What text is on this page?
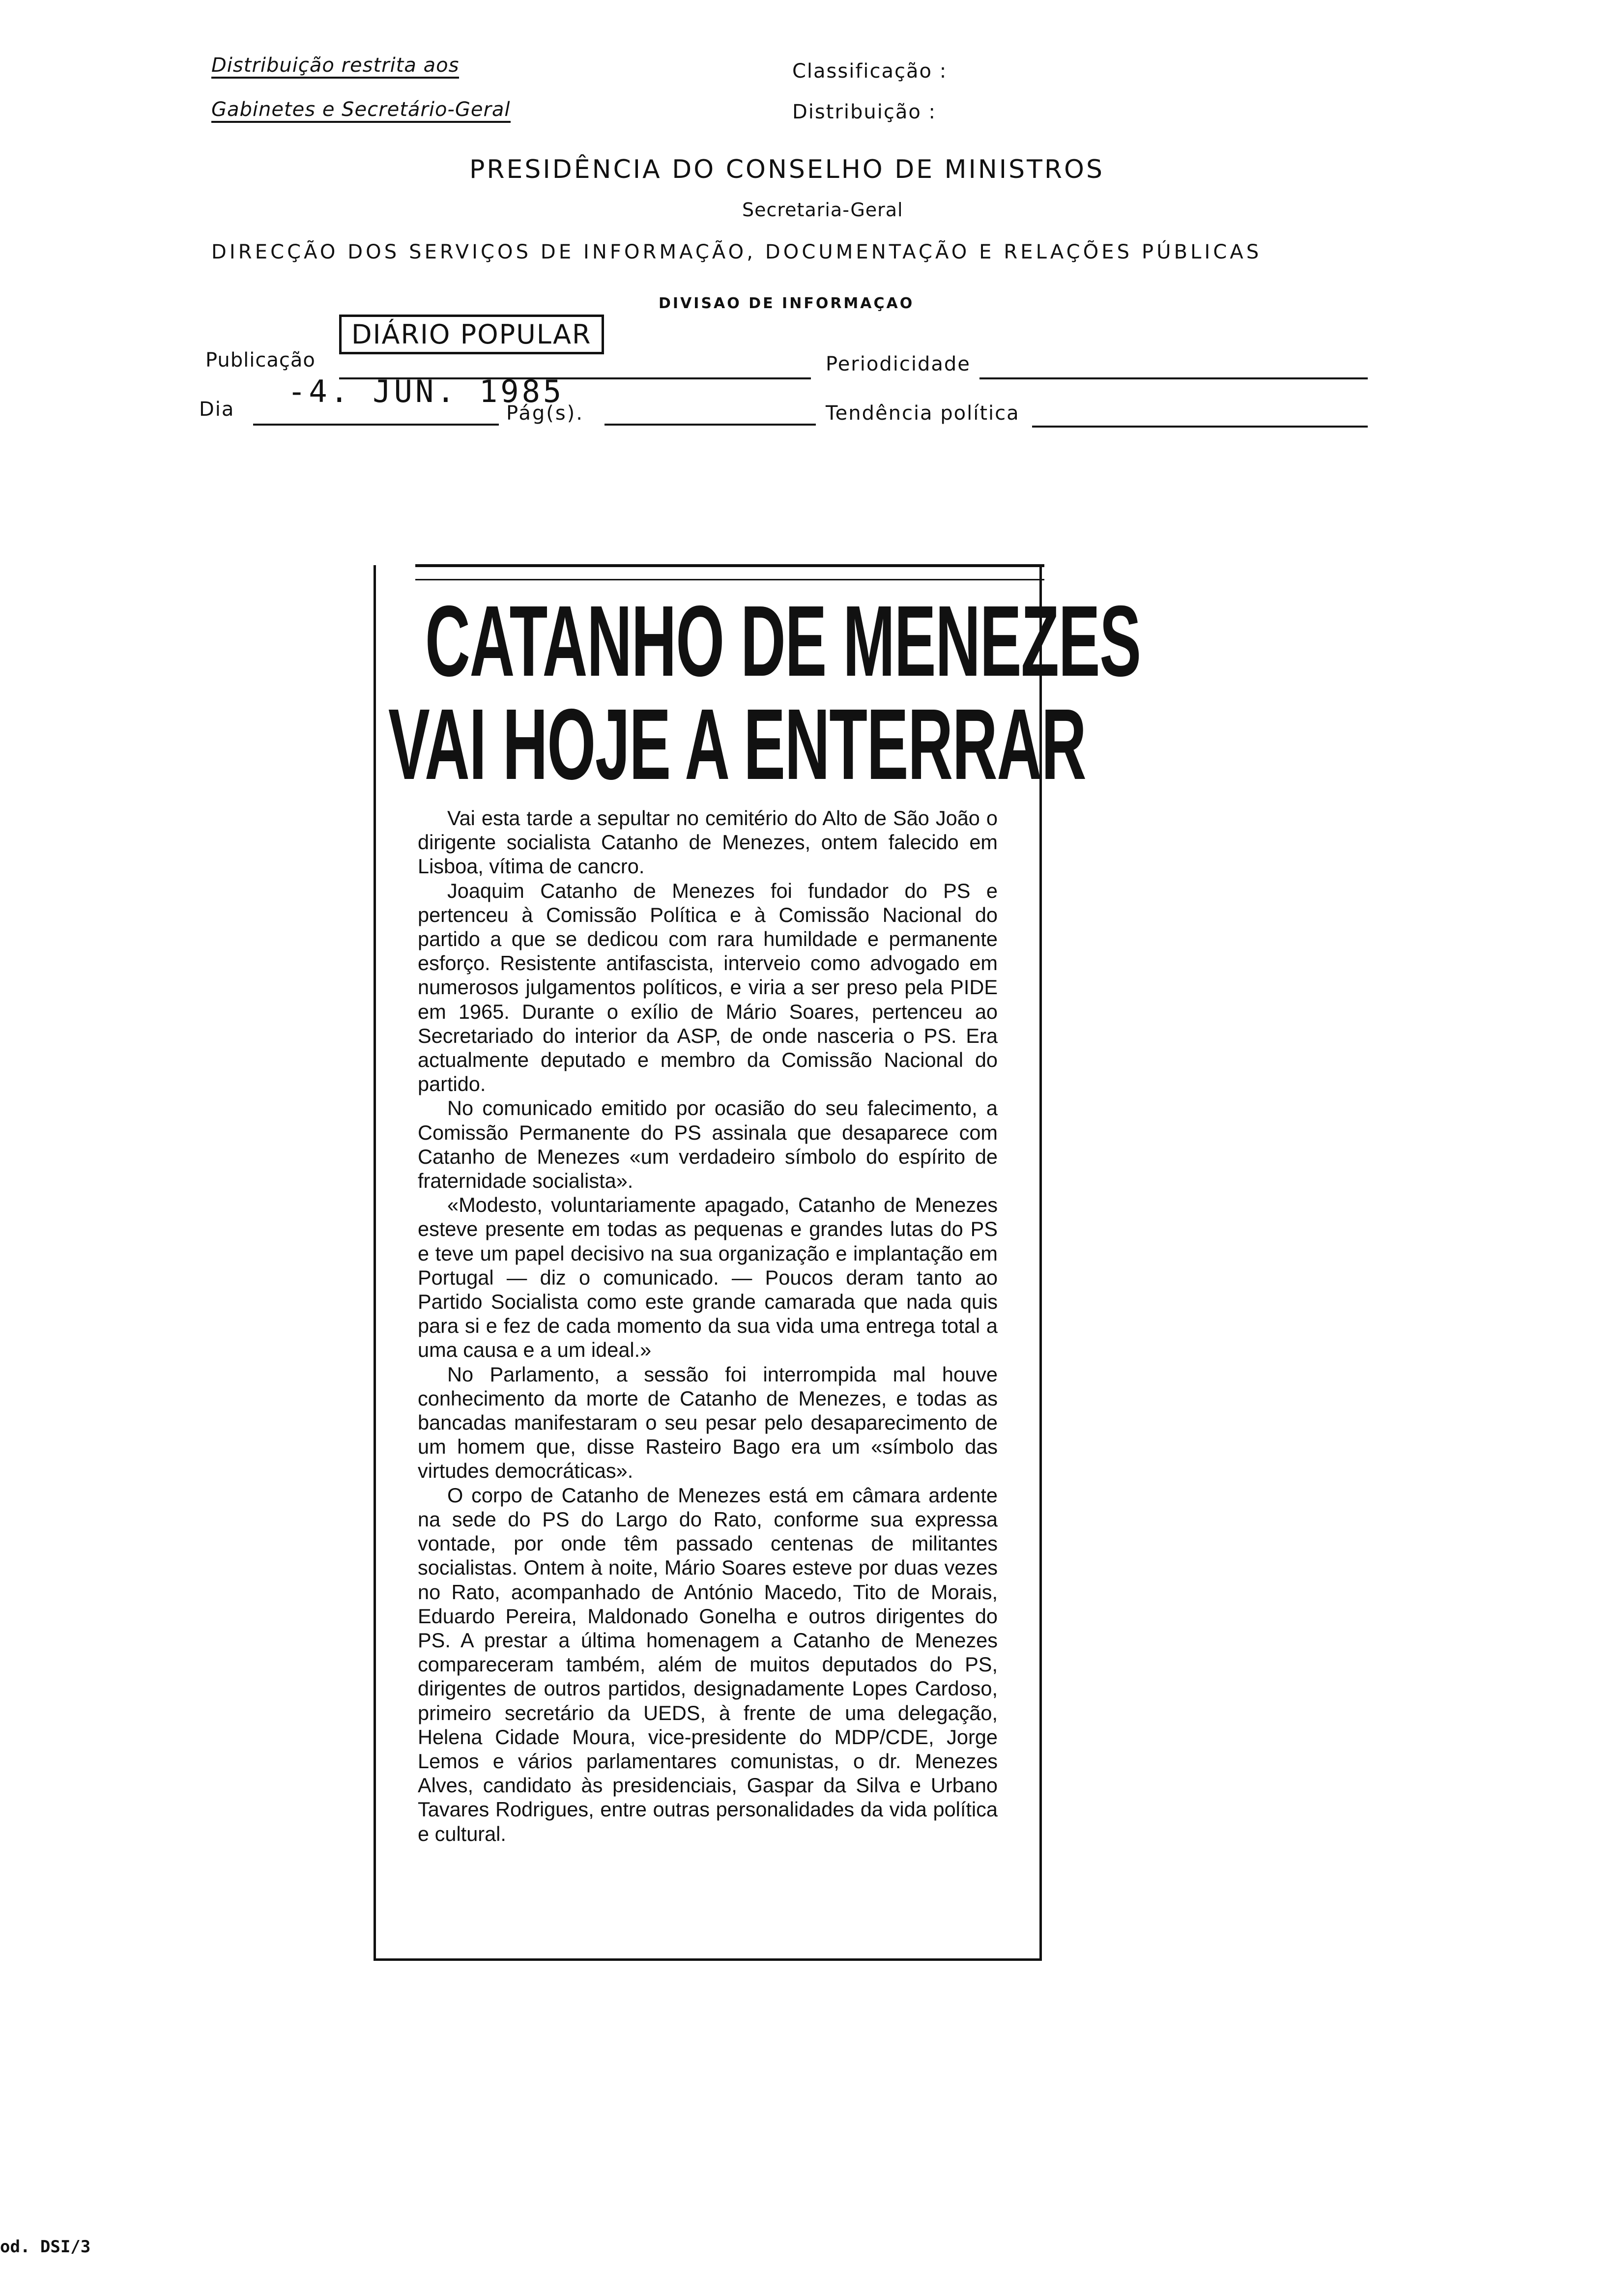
Distribuição restrita aos
Gabinetes e Secretário-Geral
Classificação :
Distribuição :
PRESIDÊNCIA DO CONSELHO DE MINISTROS
Secretaria-Geral
DIRECÇÃO DOS SERVIÇOS DE INFORMAÇÃO, DOCUMENTAÇÃO E RELAÇÕES PÚBLICAS
DIVISAO DE INFORMAÇAO
Publicação
DIÁRIO POPULAR
Periodicidade
Dia -4. JUN. 1985
Pág(s).	Tendência política
CATANHO DE MENEZES
VAI HOJE A ENTERRAR

Vai esta tarde a sepultar no cemitério do Alto de São João o dirigente socialista Catanho de Menezes, ontem falecido em Lisboa, vítima de cancro.

Joaquim Catanho de Menezes foi fundador do PS e pertenceu à Comissão Política e à Comissão Nacional do partido a que se dedicou com rara humildade e permanente esforço. Resistente antifascista, interveio como advogado em numerosos julgamentos políticos, e viria a ser preso pela PIDE em 1965. Durante o exílio de Mário Soares, pertenceu ao Secretariado do interior da ASP, de onde nasceria o PS. Era actualmente deputado e membro da Comissão Nacional do partido.

No comunicado emitido por ocasião do seu falecimento, a Comissão Permanente do PS assinala que desaparece com Catanho de Menezes «um verdadeiro símbolo do espírito de fraternidade socialista».

«Modesto, voluntariamente apagado, Catanho de Menezes esteve presente em todas as pequenas e grandes lutas do PS e teve um papel decisivo na sua organização e implantação em Portugal — diz o comunicado. — Poucos deram tanto ao Partido Socialista como este grande camarada que nada quis para si e fez de cada momento da sua vida uma entrega total a uma causa e a um ideal.»

No Parlamento, a sessão foi interrompida mal houve conhecimento da morte de Catanho de Menezes, e todas as bancadas manifestaram o seu pesar pelo desaparecimento de um homem que, disse Rasteiro Bago era um «símbolo das virtudes democráticas».

O corpo de Catanho de Menezes está em câmara ardente na sede do PS do Largo do Rato, conforme sua expressa vontade, por onde têm passado centenas de militantes socialistas. Ontem à noite, Mário Soares esteve por duas vezes no Rato, acompanhado de António Macedo, Tito de Morais, Eduardo Pereira, Maldonado Gonelha e outros dirigentes do PS. A prestar a última homenagem a Catanho de Menezes compareceram também, além de muitos deputados do PS, dirigentes de outros partidos, designadamente Lopes Cardoso, primeiro secretário da UEDS, à frente de uma delegação, Helena Cidade Moura, vice-presidente do MDP/CDE, Jorge Lemos e vários parlamentares comunistas, o dr. Menezes Alves, candidato às presidenciais, Gaspar da Silva e Urbano Tavares Rodrigues, entre outras personalidades da vida política e cultural.

od. DSI/3
